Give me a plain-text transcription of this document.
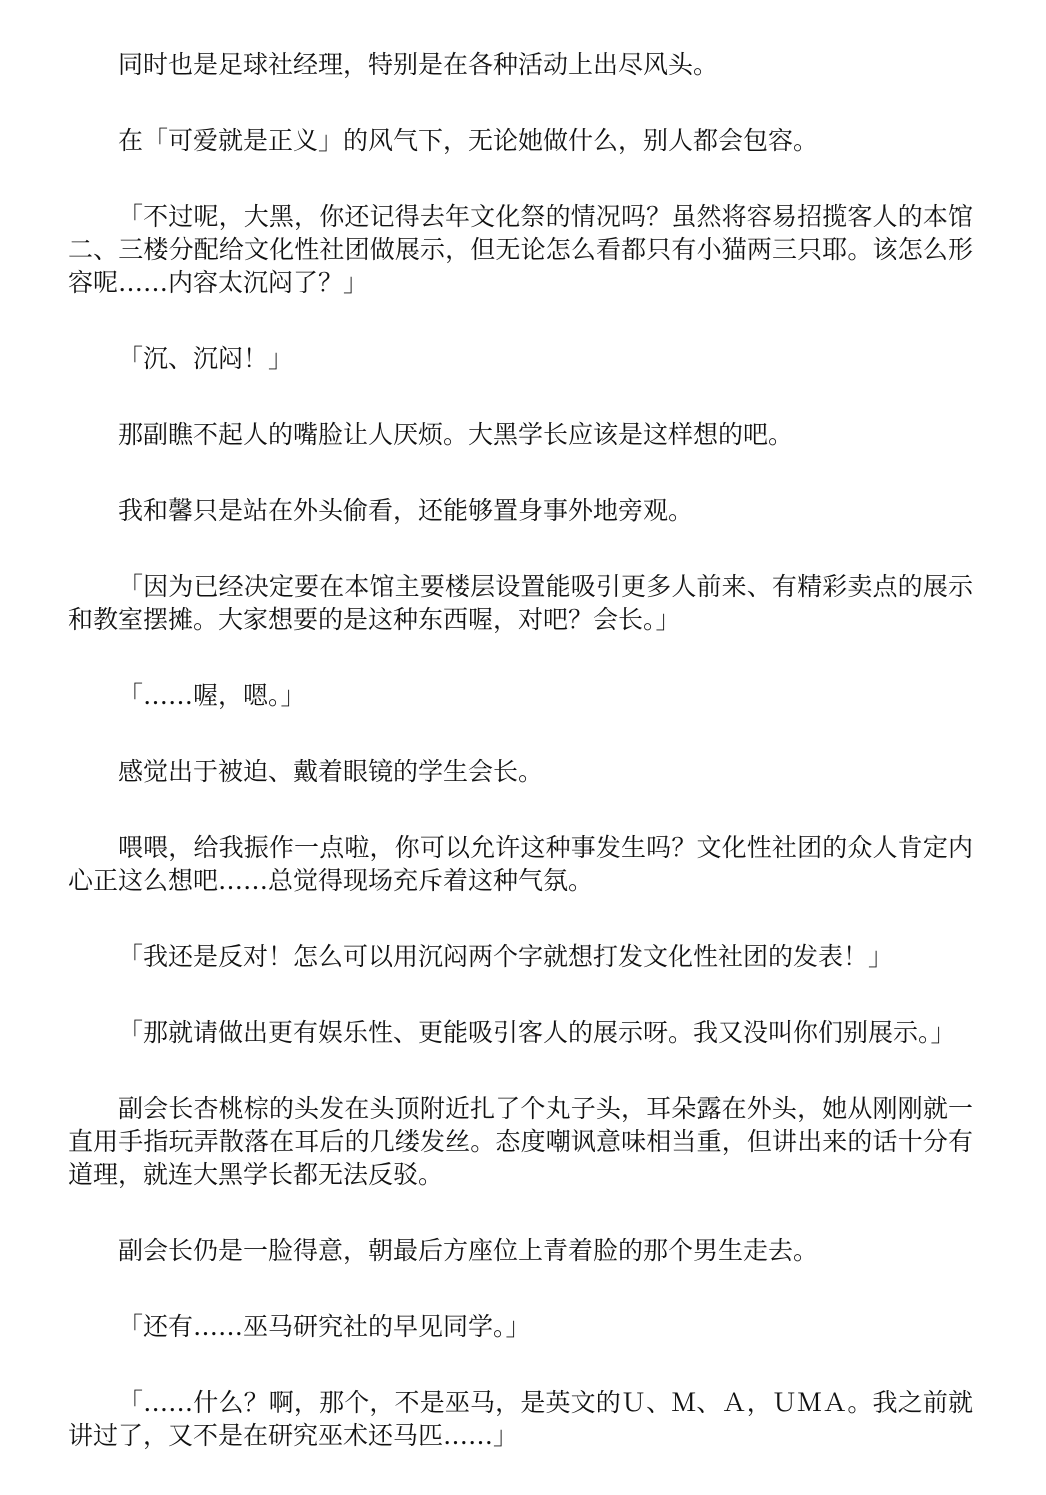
同时也是足球社经理，特别是在各种活动上出尽风头。

在「可爱就是正义」的风气下，无论她做什么，别人都会包容。

「不过呢，大黑，你还记得去年文化祭的情况吗？虽然将容易招揽客人的本馆二、三楼分配给文化性社团做展示，但无论怎么看都只有小猫两三只耶。该怎么形容呢……内容太沉闷了？」

「沉、沉闷！」

那副瞧不起人的嘴脸让人厌烦。大黑学长应该是这样想的吧。

我和馨只是站在外头偷看，还能够置身事外地旁观。

「因为已经决定要在本馆主要楼层设置能吸引更多人前来、有精彩卖点的展示和教室摆摊。大家想要的是这种东西喔，对吧？会长。」

「……喔，嗯。」

感觉出于被迫、戴着眼镜的学生会长。

喂喂，给我振作一点啦，你可以允许这种事发生吗？文化性社团的众人肯定内心正这么想吧……总觉得现场充斥着这种气氛。

「我还是反对！怎么可以用沉闷两个字就想打发文化性社团的发表！」

「那就请做出更有娱乐性、更能吸引客人的展示呀。我又没叫你们别展示。」

副会长杏桃棕的头发在头顶附近扎了个丸子头，耳朵露在外头，她从刚刚就一直用手指玩弄散落在耳后的几缕发丝。态度嘲讽意味相当重，但讲出来的话十分有道理，就连大黑学长都无法反驳。

副会长仍是一脸得意，朝最后方座位上青着脸的那个男生走去。

「还有……巫马研究社的早见同学。」

「……什么？啊，那个，不是巫马，是英文的Ｕ、Ｍ、Ａ，ＵＭＡ。我之前就讲过了，又不是在研究巫术还马匹……」
